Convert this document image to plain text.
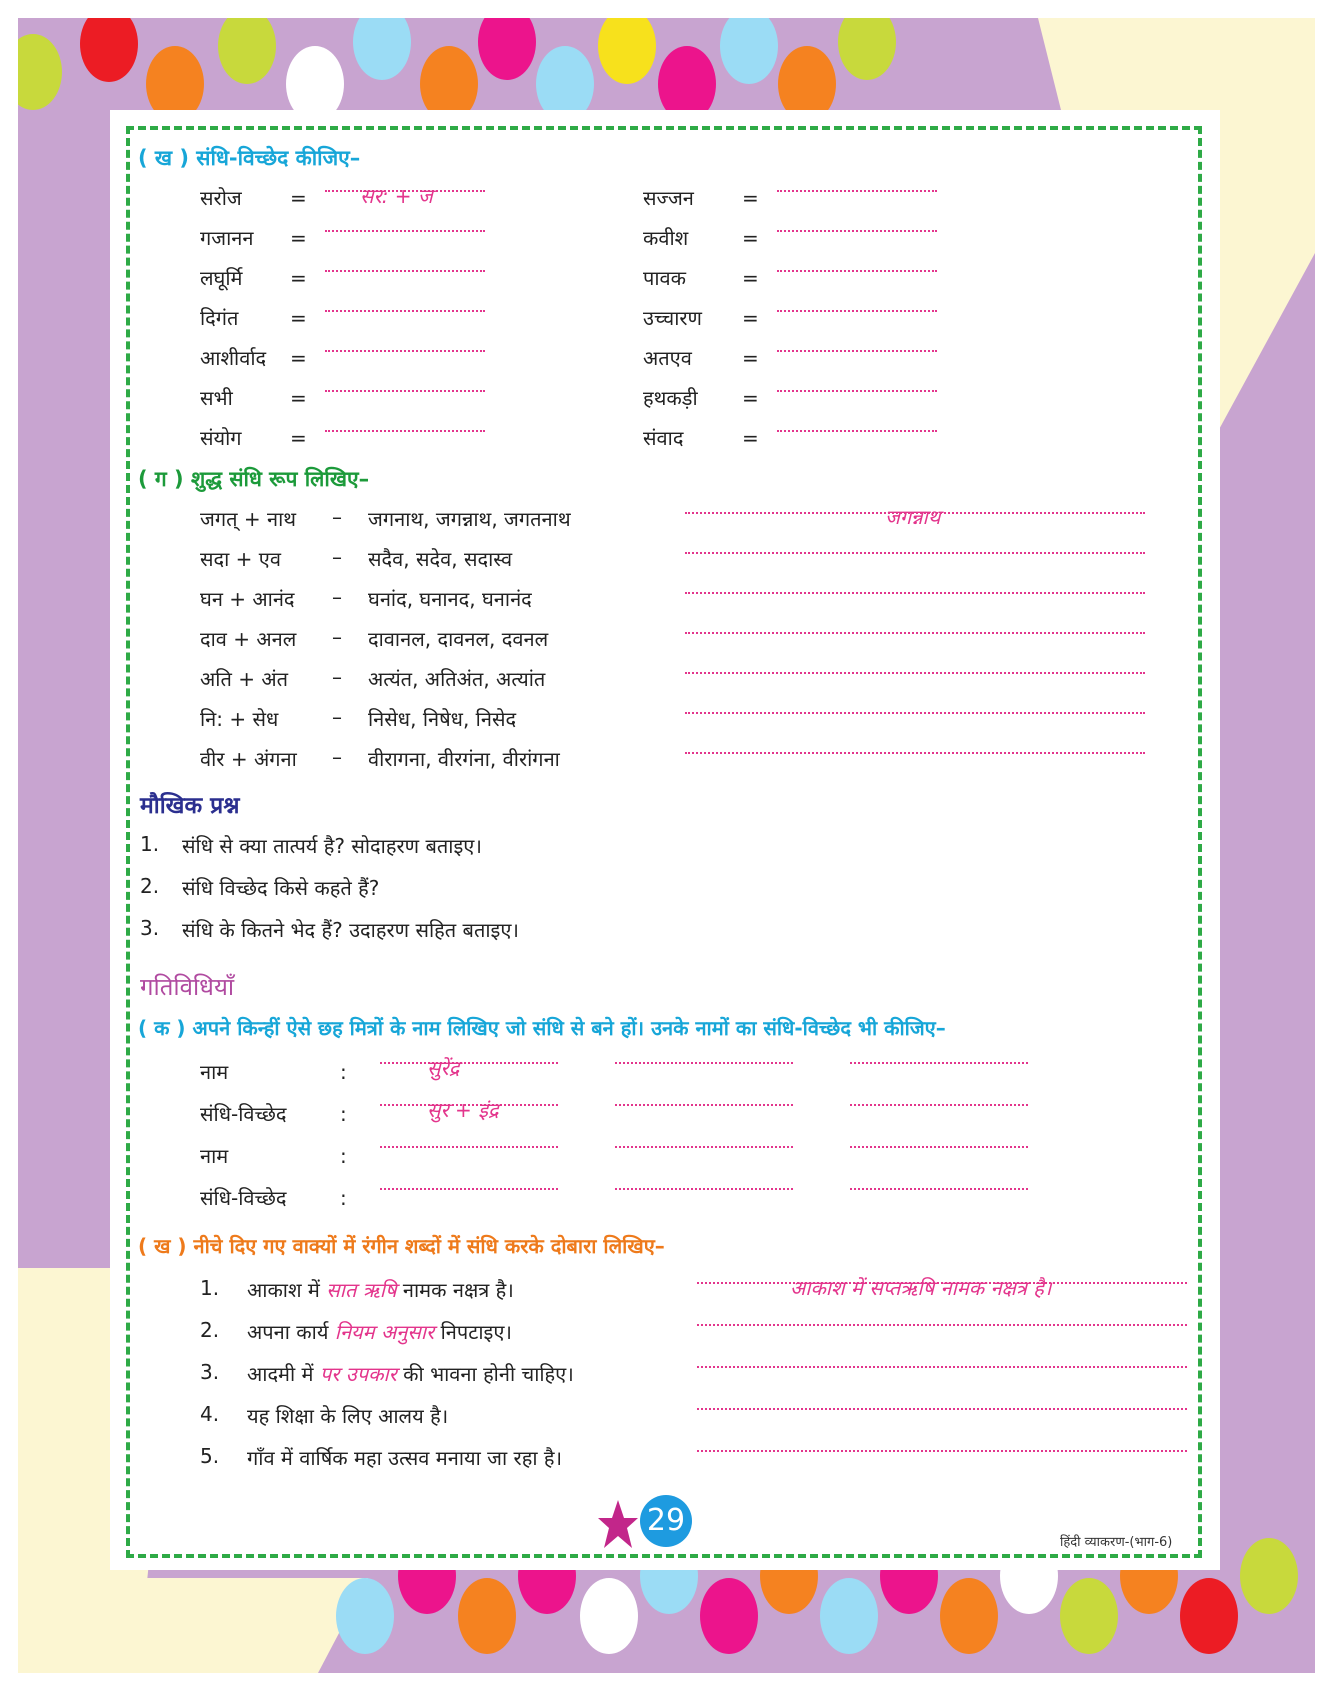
( ख ) संधि-विच्छेद कीजिए–
सरोज =	सर: + ज
गजानन =
लघूर्मि =
दिगंत	=
आशीर्वाद =
सभी	=
संयोग =
सज्जन =
कवीश	=
पावक	=
उच्चारण =
अतएव	=
हथकड़ी =
संवाद	=
( ग ) शुद्ध संधि रूप लिखिए–
जगत् + नाथ – जगनाथ, जगन्नाथ, जगतनाथ	जगन्नाथ
सदा + एव	– सदैव, सदेव, सदास्व
घन + आनंद – घनांद, घनानद, घनानंद
दाव + अनल – दावानल, दावनल, दवनल
अति + अंत – अत्यंत, अतिअंत, अत्यांत
नि: + सेध	– निसेध, निषेध, निसेद
वीर + अंगना – वीरागना, वीरगंना, वीरांगना
मौखिक प्रश्न
1. संधि से क्या तात्पर्य है? सोदाहरण बताइए।
2. संधि विच्छेद किसे कहते हैं?
3. संधि के कितने भेद हैं? उदाहरण सहित बताइए।
गतिविधियाँ
( क ) अपने किन्हीं ऐसे छह मित्रों के नाम लिखिए जो संधि से बने हों। उनके नामों का संधि-विच्छेद भी कीजिए–
नाम	:	सुरेंद्र
संधि-विच्छेद	:	सुर + इंद्र
नाम	:
संधि-विच्छेद	:
( ख ) नीचे दिए गए वाक्यों में रंगीन शब्दों में संधि करके दोबारा लिखिए–
1. आकाश में सात ऋषि नामक नक्षत्र है।	आकाश में सप्तऋषि नामक नक्षत्र है।
2. अपना कार्य नियम अनुसार निपटाइए।
3. आदमी में पर उपकार की भावना होनी चाहिए।
4. यह शिक्षा के लिए आलय है।
5. गाँव में वार्षिक महा उत्सव मनाया जा रहा है।
29
हिंदी व्याकरण-(भाग-6)
